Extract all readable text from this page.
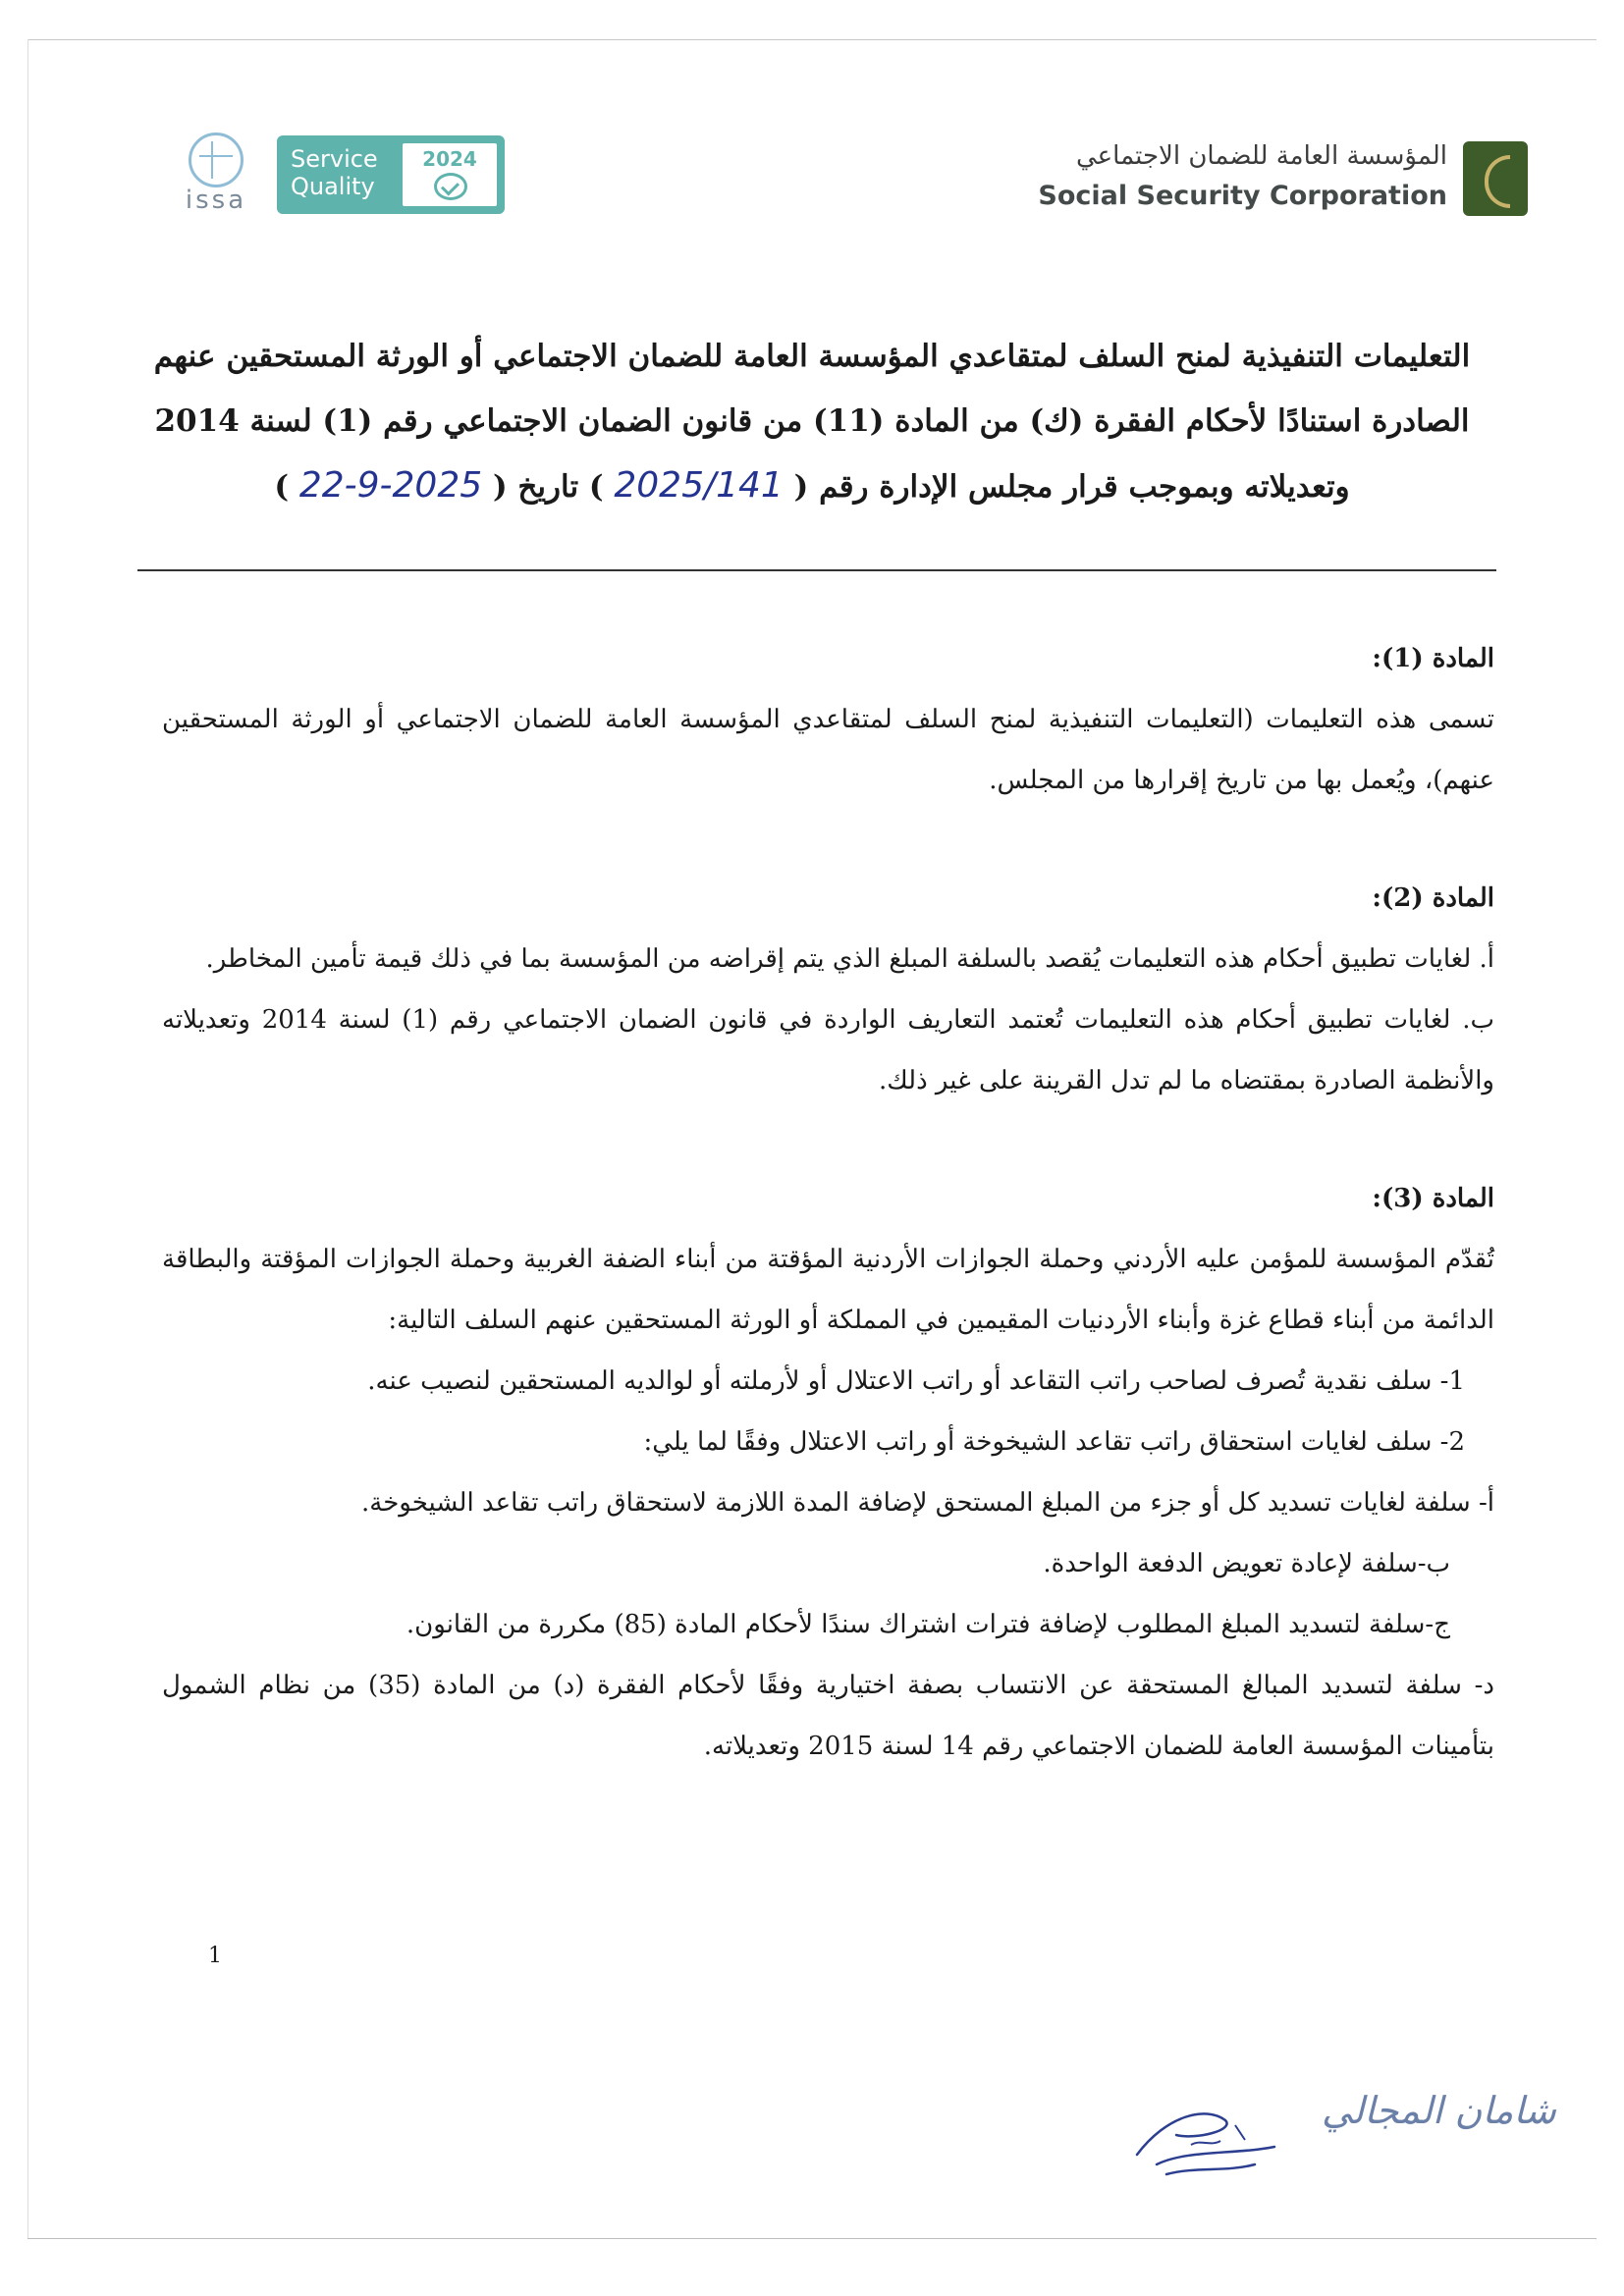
issa
Service Quality
2024	المؤسسة العامة للضمان الاجتماعي
Social Security Corporation
التعليمات التنفيذية لمنح السلف لمتقاعدي المؤسسة العامة للضمان الاجتماعي أو الورثة المستحقين عنهم
الصادرة استنادًا لأحكام الفقرة (ك) من المادة (11) من قانون الضمان الاجتماعي رقم (1) لسنة 2014
وتعديلاته وبموجب قرار مجلس الإدارة رقم ( 2025/141 ) تاريخ ( 2025-9-22 )

المادة (1):

تسمى هذه التعليمات (التعليمات التنفيذية لمنح السلف لمتقاعدي المؤسسة العامة للضمان الاجتماعي أو الورثة المستحقين عنهم)، ويُعمل بها من تاريخ إقرارها من المجلس.

المادة (2):

أ. لغايات تطبيق أحكام هذه التعليمات يُقصد بالسلفة المبلغ الذي يتم إقراضه من المؤسسة بما في ذلك قيمة تأمين المخاطر.

ب. لغايات تطبيق أحكام هذه التعليمات تُعتمد التعاريف الواردة في قانون الضمان الاجتماعي رقم (1) لسنة 2014 وتعديلاته والأنظمة الصادرة بمقتضاه ما لم تدل القرينة على غير ذلك.

المادة (3):

تُقدّم المؤسسة للمؤمن عليه الأردني وحملة الجوازات الأردنية المؤقتة من أبناء الضفة الغربية وحملة الجوازات المؤقتة والبطاقة الدائمة من أبناء قطاع غزة وأبناء الأردنيات المقيمين في المملكة أو الورثة المستحقين عنهم السلف التالية:

1- سلف نقدية تُصرف لصاحب راتب التقاعد أو راتب الاعتلال أو لأرملته أو لوالديه المستحقين لنصيب عنه.

2- سلف لغايات استحقاق راتب تقاعد الشيخوخة أو راتب الاعتلال وفقًا لما يلي:

أ- سلفة لغايات تسديد كل أو جزء من المبلغ المستحق لإضافة المدة اللازمة لاستحقاق راتب تقاعد الشيخوخة.

ب-سلفة لإعادة تعويض الدفعة الواحدة.

ج-سلفة لتسديد المبلغ المطلوب لإضافة فترات اشتراك سندًا لأحكام المادة (85) مكررة من القانون.

د- سلفة لتسديد المبالغ المستحقة عن الانتساب بصفة اختيارية وفقًا لأحكام الفقرة (د) من المادة (35) من نظام الشمول بتأمينات المؤسسة العامة للضمان الاجتماعي رقم 14 لسنة 2015 وتعديلاته.

1
شامان المجالي
